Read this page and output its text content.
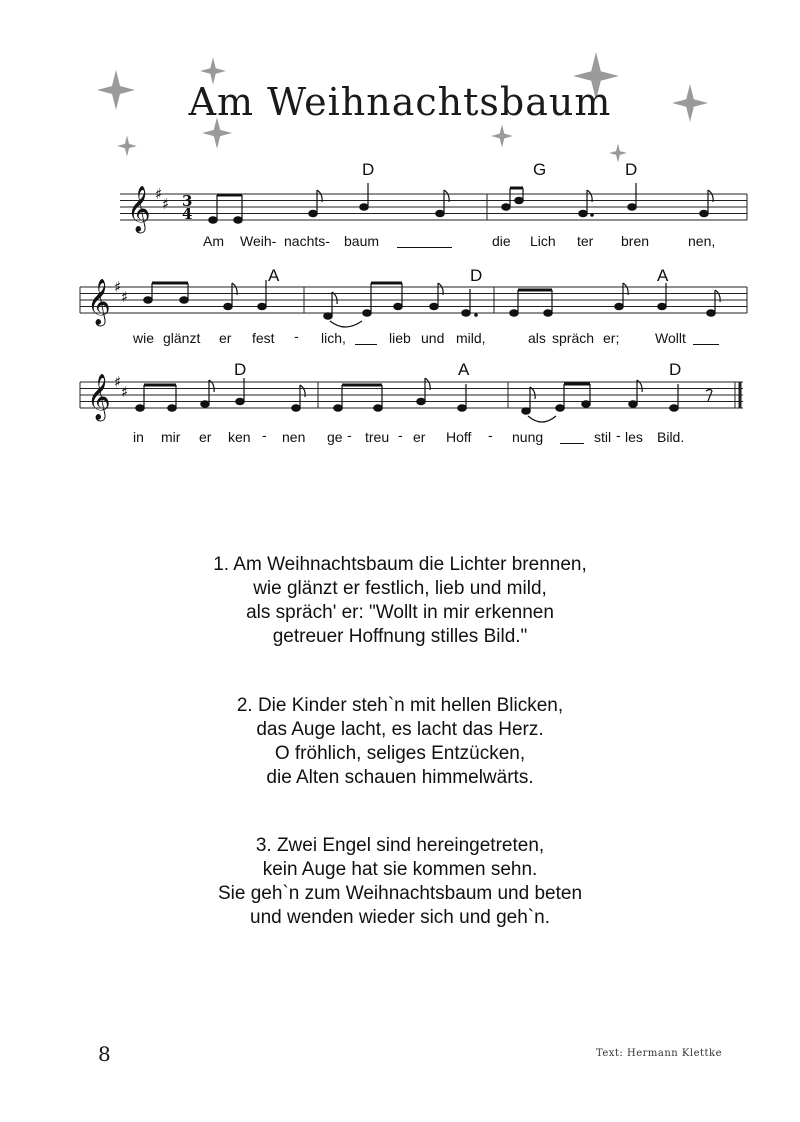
Am Weihnachtsbaum
𝄞
𝄞
𝄞
♯
♯
♯
♯
♯
♯
3
4
D	G	D
A	D	A
D	A	D
Am Weih- nachts- baum	die Lich ter bren	nen,
wie glänzt er fest - lich,	lieb und mild,	als spräch er;	Wollt
in mir er ken - nen ge - treu - er Hoff - nung	stil - les Bild.
1. Am Weihnachtsbaum die Lichter brennen,
wie glänzt er festlich, lieb und mild,
als spräch' er: "Wollt in mir erkennen
getreuer Hoffnung stilles Bild."
2. Die Kinder steh`n mit hellen Blicken,
das Auge lacht, es lacht das Herz.
O fröhlich, seliges Entzücken,
die Alten schauen himmelwärts.
3. Zwei Engel sind hereingetreten,
kein Auge hat sie kommen sehn.
Sie geh`n zum Weihnachtsbaum und beten
und wenden wieder sich und geh`n.
8	Text: Hermann Klettke
